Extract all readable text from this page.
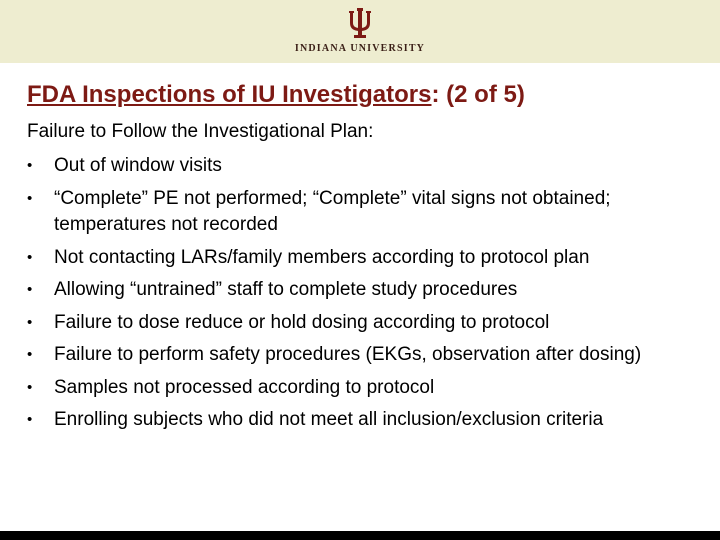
INDIANA UNIVERSITY
FDA Inspections of IU Investigators: (2 of 5)
Failure to Follow the Investigational Plan:
• Out of window visits
• “Complete” PE not performed; “Complete” vital signs not obtained; temperatures not recorded
• Not contacting LARs/family members according to protocol plan
• Allowing “untrained” staff to complete study procedures
• Failure to dose reduce or hold dosing according to protocol
• Failure to perform safety procedures (EKGs, observation after dosing)
• Samples not processed according to protocol
• Enrolling subjects who did not meet all inclusion/exclusion criteria
